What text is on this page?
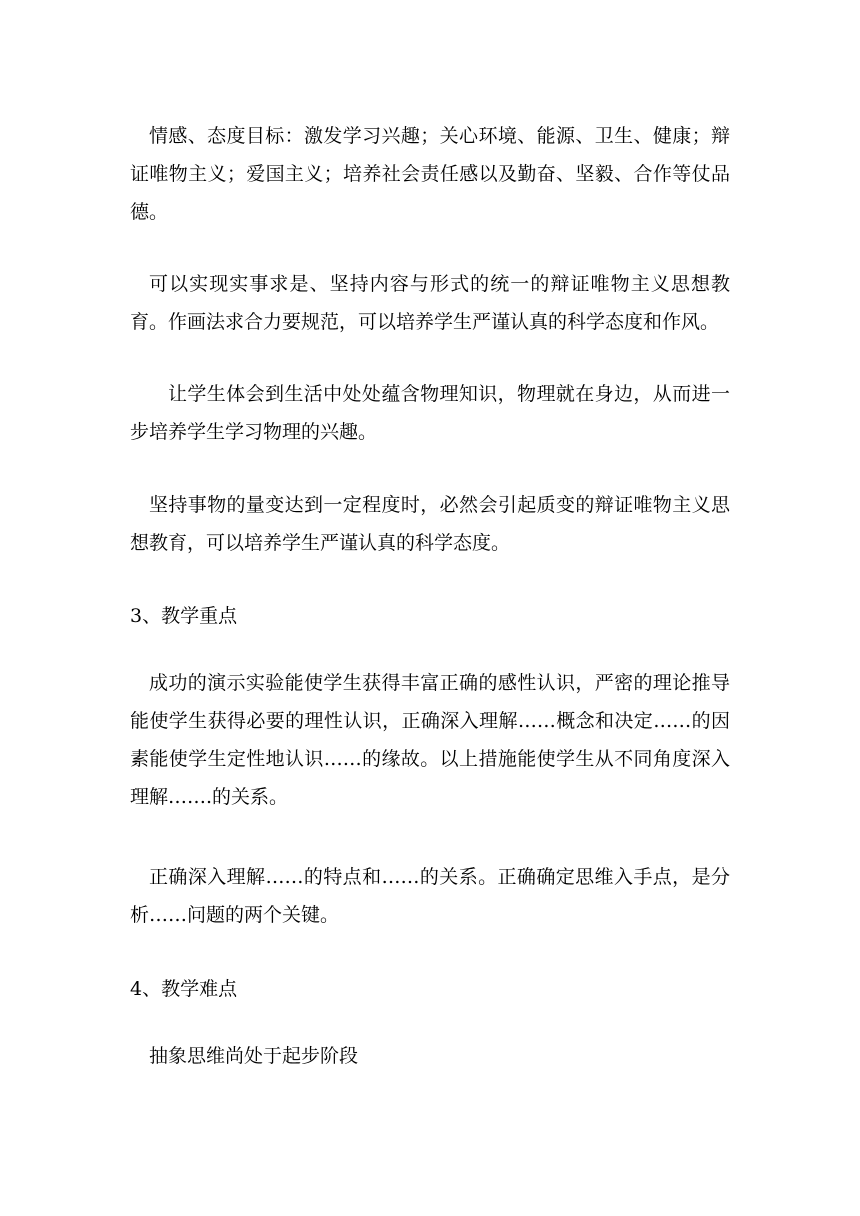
情感、态度目标：激发学习兴趣；关心环境、能源、卫生、健康；辩证唯物主义；爱国主义；培养社会责任感以及勤奋、坚毅、合作等仗品德。
可以实现实事求是、坚持内容与形式的统一的辩证唯物主义思想教育。作画法求合力要规范，可以培养学生严谨认真的科学态度和作风。
让学生体会到生活中处处蕴含物理知识，物理就在身边，从而进一步培养学生学习物理的兴趣。
坚持事物的量变达到一定程度时，必然会引起质变的辩证唯物主义思想教育，可以培养学生严谨认真的科学态度。
3、教学重点
成功的演示实验能使学生获得丰富正确的感性认识，严密的理论推导能使学生获得必要的理性认识，正确深入理解……概念和决定……的因素能使学生定性地认识……的缘故。以上措施能使学生从不同角度深入理解…….的关系。
正确深入理解……的特点和……的关系。正确确定思维入手点，是分析……问题的两个关键。
4、教学难点
抽象思维尚处于起步阶段
